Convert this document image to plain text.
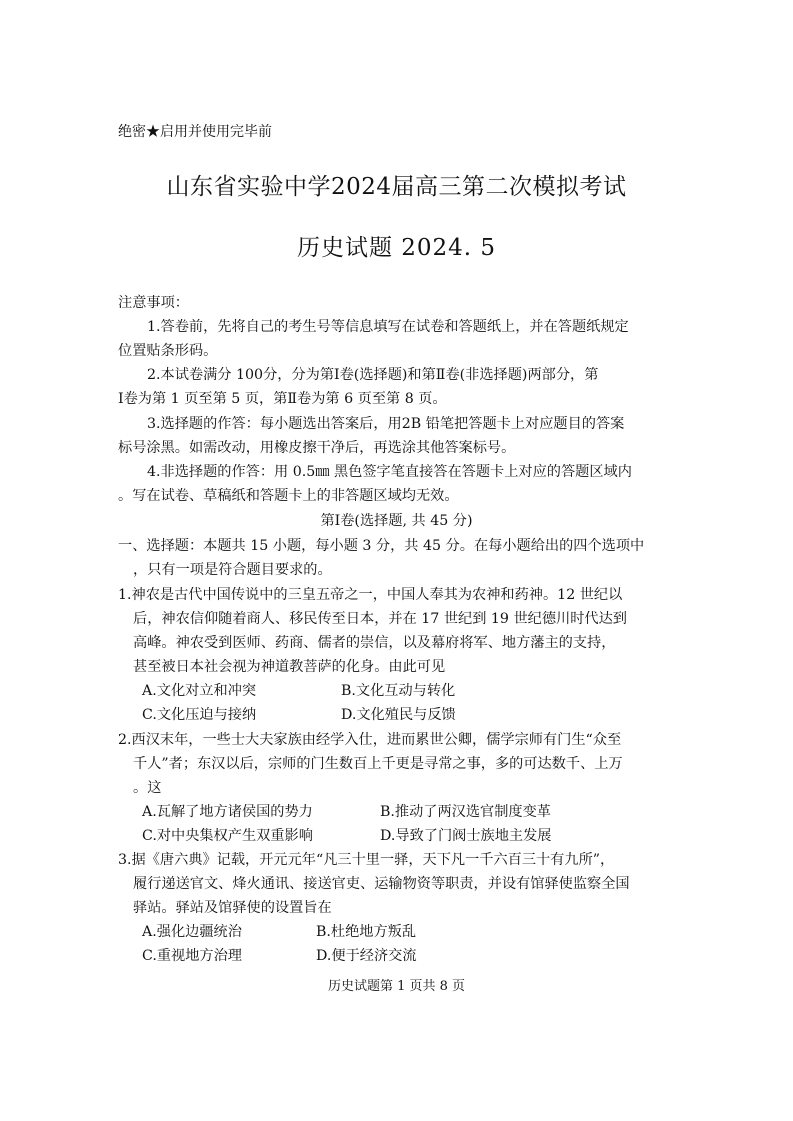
绝密★启用并使用完毕前
山东省实验中学2024届高三第二次模拟考试
历史试题 2024. 5
注意事项：
1.答卷前，先将自己的考生号等信息填写在试卷和答题纸上，并在答题纸规定
位置贴条形码。
2.本试卷满分 100分，分为第Ⅰ卷(选择题)和第Ⅱ卷(非选择题)两部分，第
Ⅰ卷为第 1 页至第 5 页，第Ⅱ卷为第 6 页至第 8 页。
3.选择题的作答：每小题选出答案后，用2B 铅笔把答题卡上对应题目的答案
标号涂黑。如需改动，用橡皮擦干净后，再选涂其他答案标号。
4.非选择题的作答：用 0.5㎜ 黑色签字笔直接答在答题卡上对应的答题区域内
。写在试卷、草稿纸和答题卡上的非答题区域均无效。
第Ⅰ卷(选择题, 共 45 分)
一、选择题：本题共 15 小题，每小题 3 分，共 45 分。在每小题给出的四个选项中
，只有一项是符合题目要求的。
1.神农是古代中国传说中的三皇五帝之一，中国人奉其为农神和药神。12 世纪以
后，神农信仰随着商人、移民传至日本，并在 17 世纪到 19 世纪德川时代达到
高峰。神农受到医师、药商、儒者的崇信，以及幕府将军、地方藩主的支持，
甚至被日本社会视为神道教菩萨的化身。由此可见
A.文化对立和冲突	B.文化互动与转化
C.文化压迫与接纳	D.文化殖民与反馈
2.西汉末年，一些士大夫家族由经学入仕，进而累世公卿，儒学宗师有门生“众至
千人”者；东汉以后，宗师的门生数百上千更是寻常之事，多的可达数千、上万
。这
A.瓦解了地方诸侯国的势力	B.推动了两汉选官制度变革
C.对中央集权产生双重影响	D.导致了门阀士族地主发展
3.据《唐六典》记载，开元元年“凡三十里一驿，天下凡一千六百三十有九所”，
履行递送官文、烽火通讯、接送官吏、运输物资等职责，并设有馆驿使监察全国
驿站。驿站及馆驿使的设置旨在
A.强化边疆统治	B.杜绝地方叛乱
C.重视地方治理	D.便于经济交流
历史试题第 1 页共 8 页
